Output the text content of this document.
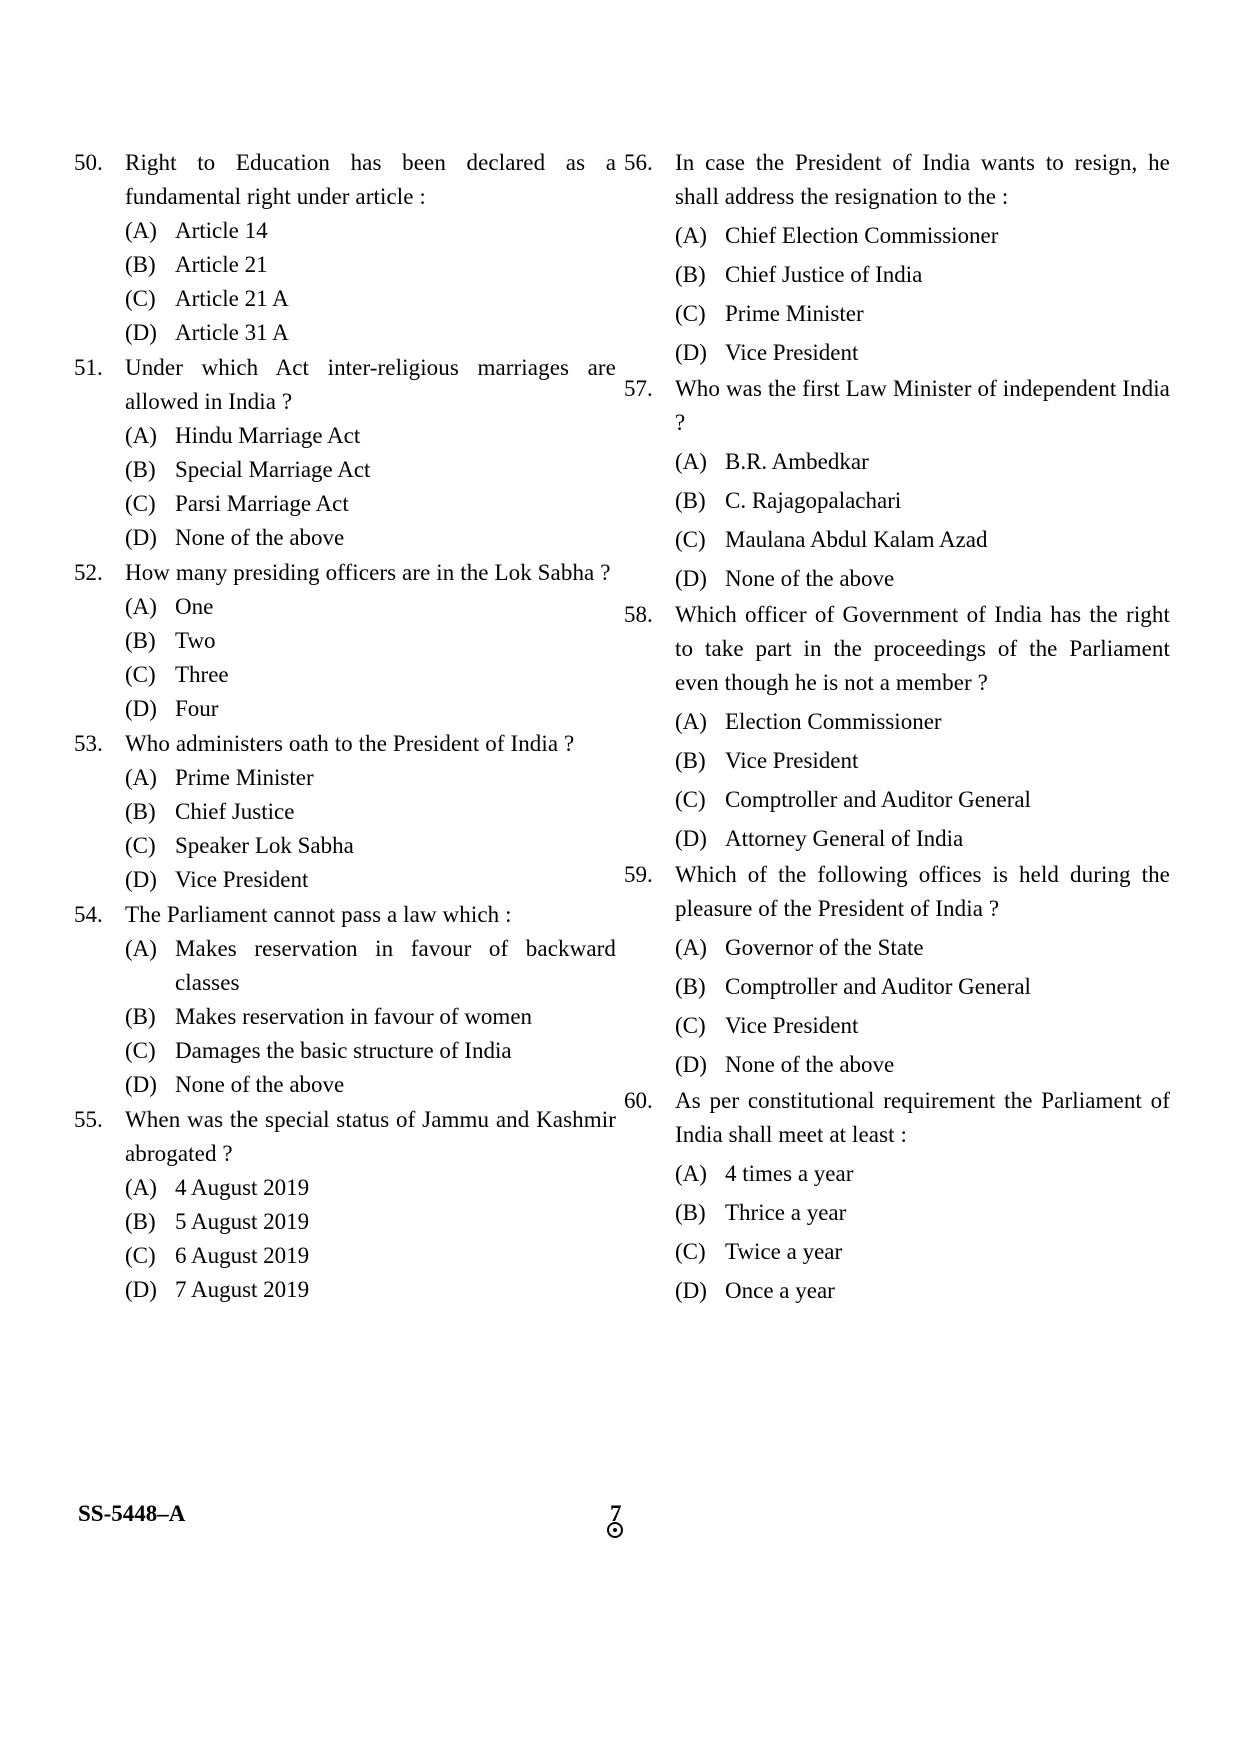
50. Right to Education has been declared as a fundamental right under article :
(A) Article 14
(B) Article 21
(C) Article 21 A
(D) Article 31 A
51. Under which Act inter-religious marriages are allowed in India ?
(A) Hindu Marriage Act
(B) Special Marriage Act
(C) Parsi Marriage Act
(D) None of the above
52. How many presiding officers are in the Lok Sabha ?
(A) One
(B) Two
(C) Three
(D) Four
53. Who administers oath to the President of India ?
(A) Prime Minister
(B) Chief Justice
(C) Speaker Lok Sabha
(D) Vice President
54. The Parliament cannot pass a law which :
(A) Makes reservation in favour of backward classes
(B) Makes reservation in favour of women
(C) Damages the basic structure of India
(D) None of the above
55. When was the special status of Jammu and Kashmir abrogated ?
(A) 4 August 2019
(B) 5 August 2019
(C) 6 August 2019
(D) 7 August 2019
56. In case the President of India wants to resign, he shall address the resignation to the :
(A) Chief Election Commissioner
(B) Chief Justice of India
(C) Prime Minister
(D) Vice President
57. Who was the first Law Minister of independent India ?
(A) B.R. Ambedkar
(B) C. Rajagopalachari
(C) Maulana Abdul Kalam Azad
(D) None of the above
58. Which officer of Government of India has the right to take part in the proceedings of the Parliament even though he is not a member ?
(A) Election Commissioner
(B) Vice President
(C) Comptroller and Auditor General
(D) Attorney General of India
59. Which of the following offices is held during the pleasure of the President of India ?
(A) Governor of the State
(B) Comptroller and Auditor General
(C) Vice President
(D) None of the above
60. As per constitutional requirement the Parliament of India shall meet at least :
(A) 4 times a year
(B) Thrice a year
(C) Twice a year
(D) Once a year
SS-5448–A	7
